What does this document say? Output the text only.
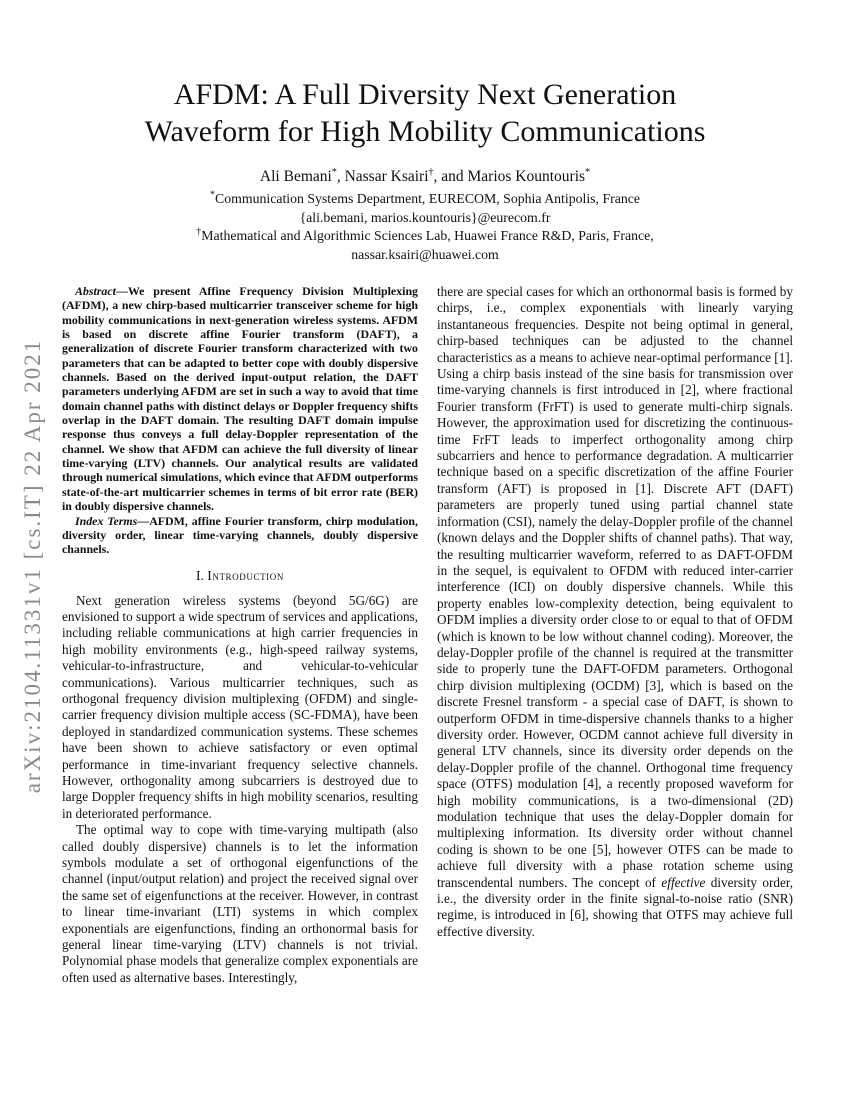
arXiv:2104.11331v1 [cs.IT] 22 Apr 2021
AFDM: A Full Diversity Next Generation
Waveform for High Mobility Communications
Ali Bemani*, Nassar Ksairi†, and Marios Kountouris*
*Communication Systems Department, EURECOM, Sophia Antipolis, France
{ali.bemani, marios.kountouris}@eurecom.fr
†Mathematical and Algorithmic Sciences Lab, Huawei France R&D, Paris, France,
nassar.ksairi@huawei.com

Abstract—We present Affine Frequency Division Multiplexing (AFDM), a new chirp-based multicarrier transceiver scheme for high mobility communications in next-generation wireless systems. AFDM is based on discrete affine Fourier transform (DAFT), a generalization of discrete Fourier transform characterized with two parameters that can be adapted to better cope with doubly dispersive channels. Based on the derived input-output relation, the DAFT parameters underlying AFDM are set in such a way to avoid that time domain channel paths with distinct delays or Doppler frequency shifts overlap in the DAFT domain. The resulting DAFT domain impulse response thus conveys a full delay-Doppler representation of the channel. We show that AFDM can achieve the full diversity of linear time-varying (LTV) channels. Our analytical results are validated through numerical simulations, which evince that AFDM outperforms state-of-the-art multicarrier schemes in terms of bit error rate (BER) in doubly dispersive channels.

Index Terms—AFDM, affine Fourier transform, chirp modulation, diversity order, linear time-varying channels, doubly dispersive channels.

I. Introduction

Next generation wireless systems (beyond 5G/6G) are envisioned to support a wide spectrum of services and applications, including reliable communications at high carrier frequencies in high mobility environments (e.g., high-speed railway systems, vehicular-to-infrastructure, and vehicular-to-vehicular communications). Various multicarrier techniques, such as orthogonal frequency division multiplexing (OFDM) and single-carrier frequency division multiple access (SC-FDMA), have been deployed in standardized communication systems. These schemes have been shown to achieve satisfactory or even optimal performance in time-invariant frequency selective channels. However, orthogonality among subcarriers is destroyed due to large Doppler frequency shifts in high mobility scenarios, resulting in deteriorated performance.

The optimal way to cope with time-varying multipath (also called doubly dispersive) channels is to let the information symbols modulate a set of orthogonal eigenfunctions of the channel (input/output relation) and project the received signal over the same set of eigenfunctions at the receiver. However, in contrast to linear time-invariant (LTI) systems in which complex exponentials are eigenfunctions, finding an orthonormal basis for general linear time-varying (LTV) channels is not trivial. Polynomial phase models that generalize complex exponentials are often used as alternative bases. Interestingly,

there are special cases for which an orthonormal basis is formed by chirps, i.e., complex exponentials with linearly varying instantaneous frequencies. Despite not being optimal in general, chirp-based techniques can be adjusted to the channel characteristics as a means to achieve near-optimal performance [1]. Using a chirp basis instead of the sine basis for transmission over time-varying channels is first introduced in [2], where fractional Fourier transform (FrFT) is used to generate multi-chirp signals. However, the approximation used for discretizing the continuous-time FrFT leads to imperfect orthogonality among chirp subcarriers and hence to performance degradation. A multicarrier technique based on a specific discretization of the affine Fourier transform (AFT) is proposed in [1]. Discrete AFT (DAFT) parameters are properly tuned using partial channel state information (CSI), namely the delay-Doppler profile of the channel (known delays and the Doppler shifts of channel paths). That way, the resulting multicarrier waveform, referred to as DAFT-OFDM in the sequel, is equivalent to OFDM with reduced inter-carrier interference (ICI) on doubly dispersive channels. While this property enables low-complexity detection, being equivalent to OFDM implies a diversity order close to or equal to that of OFDM (which is known to be low without channel coding). Moreover, the delay-Doppler profile of the channel is required at the transmitter side to properly tune the DAFT-OFDM parameters. Orthogonal chirp division multiplexing (OCDM) [3], which is based on the discrete Fresnel transform - a special case of DAFT, is shown to outperform OFDM in time-dispersive channels thanks to a higher diversity order. However, OCDM cannot achieve full diversity in general LTV channels, since its diversity order depends on the delay-Doppler profile of the channel. Orthogonal time frequency space (OTFS) modulation [4], a recently proposed waveform for high mobility communications, is a two-dimensional (2D) modulation technique that uses the delay-Doppler domain for multiplexing information. Its diversity order without channel coding is shown to be one [5], however OTFS can be made to achieve full diversity with a phase rotation scheme using transcendental numbers. The concept of effective diversity order, i.e., the diversity order in the finite signal-to-noise ratio (SNR) regime, is introduced in [6], showing that OTFS may achieve full effective diversity.
